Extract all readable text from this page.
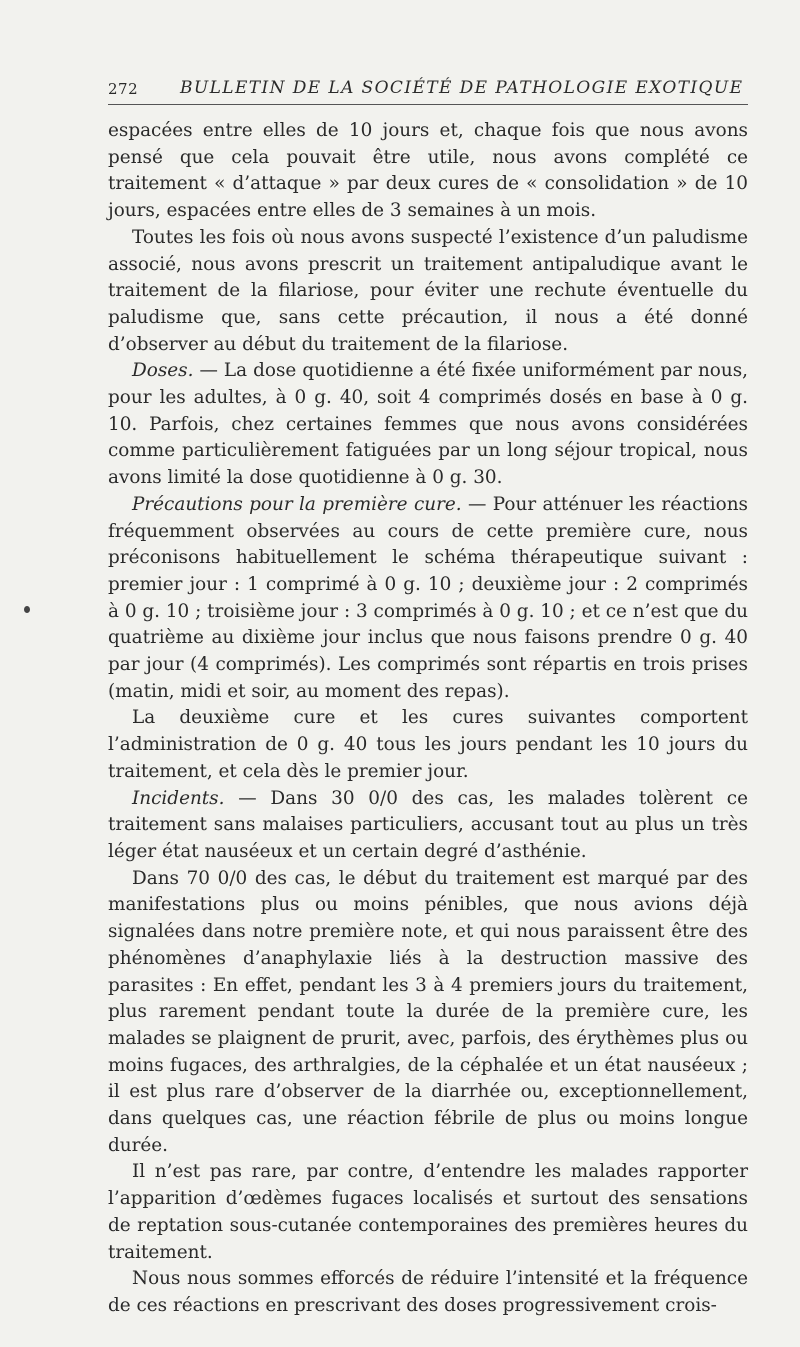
272 BULLETIN DE LA SOCIÉTÉ DE PATHOLOGIE EXOTIQUE

espacées entre elles de 10 jours et, chaque fois que nous avons pensé que cela pouvait être utile, nous avons complété ce traitement « d’attaque » par deux cures de « consolidation » de 10 jours, espacées entre elles de 3 semaines à un mois.

Toutes les fois où nous avons suspecté l’existence d’un paludisme associé, nous avons prescrit un traitement antipaludique avant le traitement de la filariose, pour éviter une rechute éventuelle du paludisme que, sans cette précaution, il nous a été donné d’observer au début du traitement de la filariose.

Doses. — La dose quotidienne a été fixée uniformément par nous, pour les adultes, à 0 g. 40, soit 4 comprimés dosés en base à 0 g. 10. Parfois, chez certaines femmes que nous avons considérées comme particulièrement fatiguées par un long séjour tropical, nous avons limité la dose quotidienne à 0 g. 30.

Précautions pour la première cure. — Pour atténuer les réactions fréquemment observées au cours de cette première cure, nous préconisons habituellement le schéma thérapeutique suivant : premier jour : 1 comprimé à 0 g. 10 ; deuxième jour : 2 comprimés à 0 g. 10 ; troisième jour : 3 comprimés à 0 g. 10 ; et ce n’est que du quatrième au dixième jour inclus que nous faisons prendre 0 g. 40 par jour (4 comprimés). Les comprimés sont répartis en trois prises (matin, midi et soir, au moment des repas).

La deuxième cure et les cures suivantes comportent l’administration de 0 g. 40 tous les jours pendant les 10 jours du traitement, et cela dès le premier jour.

Incidents. — Dans 30 0/0 des cas, les malades tolèrent ce traitement sans malaises particuliers, accusant tout au plus un très léger état nauséeux et un certain degré d’asthénie.

Dans 70 0/0 des cas, le début du traitement est marqué par des manifestations plus ou moins pénibles, que nous avions déjà signalées dans notre première note, et qui nous paraissent être des phénomènes d’anaphylaxie liés à la destruction massive des parasites : En effet, pendant les 3 à 4 premiers jours du traitement, plus rarement pendant toute la durée de la première cure, les malades se plaignent de prurit, avec, parfois, des érythèmes plus ou moins fugaces, des arthralgies, de la céphalée et un état nauséeux ; il est plus rare d’observer de la diarrhée ou, exceptionnellement, dans quelques cas, une réaction fébrile de plus ou moins longue durée.

Il n’est pas rare, par contre, d’entendre les malades rapporter l’apparition d’œdèmes fugaces localisés et surtout des sensations de reptation sous-cutanée contemporaines des premières heures du traitement.

Nous nous sommes efforcés de réduire l’intensité et la fréquence de ces réactions en prescrivant des doses progressivement crois-
